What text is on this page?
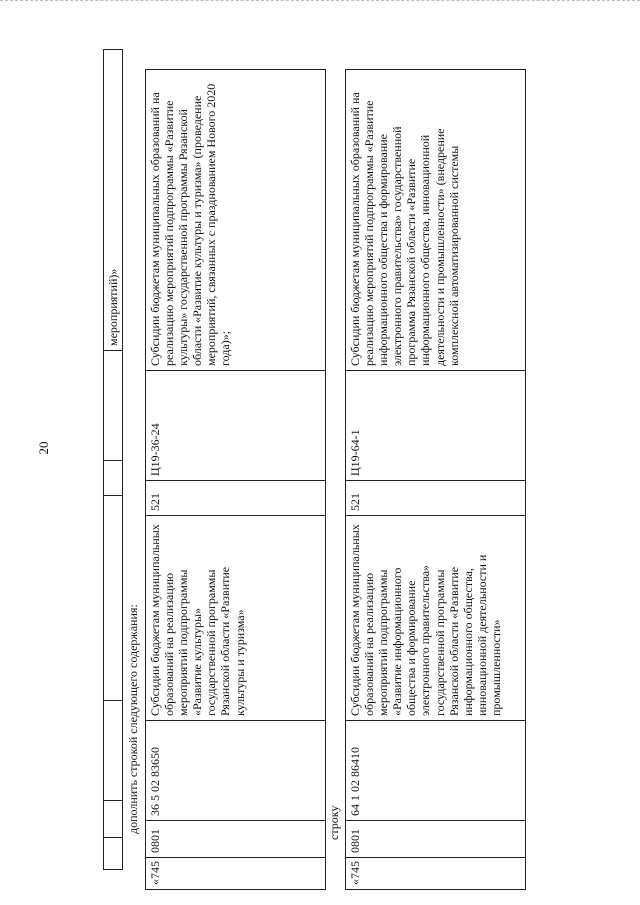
20
						мероприятий)»
дополнить строкой следующего содержания:
«745	0801	36 5 02 83650	Субсидии бюджетам муниципальных образований на реализацию мероприятий подпрограммы «Развитие культуры» государственной программы Рязанской области «Развитие культуры и туризма»	521	Ц19-36-24	Субсидии бюджетам муниципальных образований на реализацию мероприятий подпрограммы «Развитие культуры» государственной программы Рязанской области «Развитие культуры и туризма» (проведение мероприятий, связанных с празднованием Нового 2020 года)»;
строку
«745	0801	64 1 02 86410	Субсидии бюджетам муниципальных образований на реализацию мероприятий подпрограммы «Развитие информационного общества и формирование электронного правительства» государственной программы Рязанской области «Развитие информационного общества, инновационной деятельности и промышленности»	521	Ц19-64-1	Субсидии бюджетам муниципальных образований на реализацию мероприятий подпрограммы «Развитие информационного общества и формирование электронного правительства» государственной программа Рязанской области «Развитие информационного общества, инновационной деятельности и промышленности» (внедрение комплексной автоматизированной системы
